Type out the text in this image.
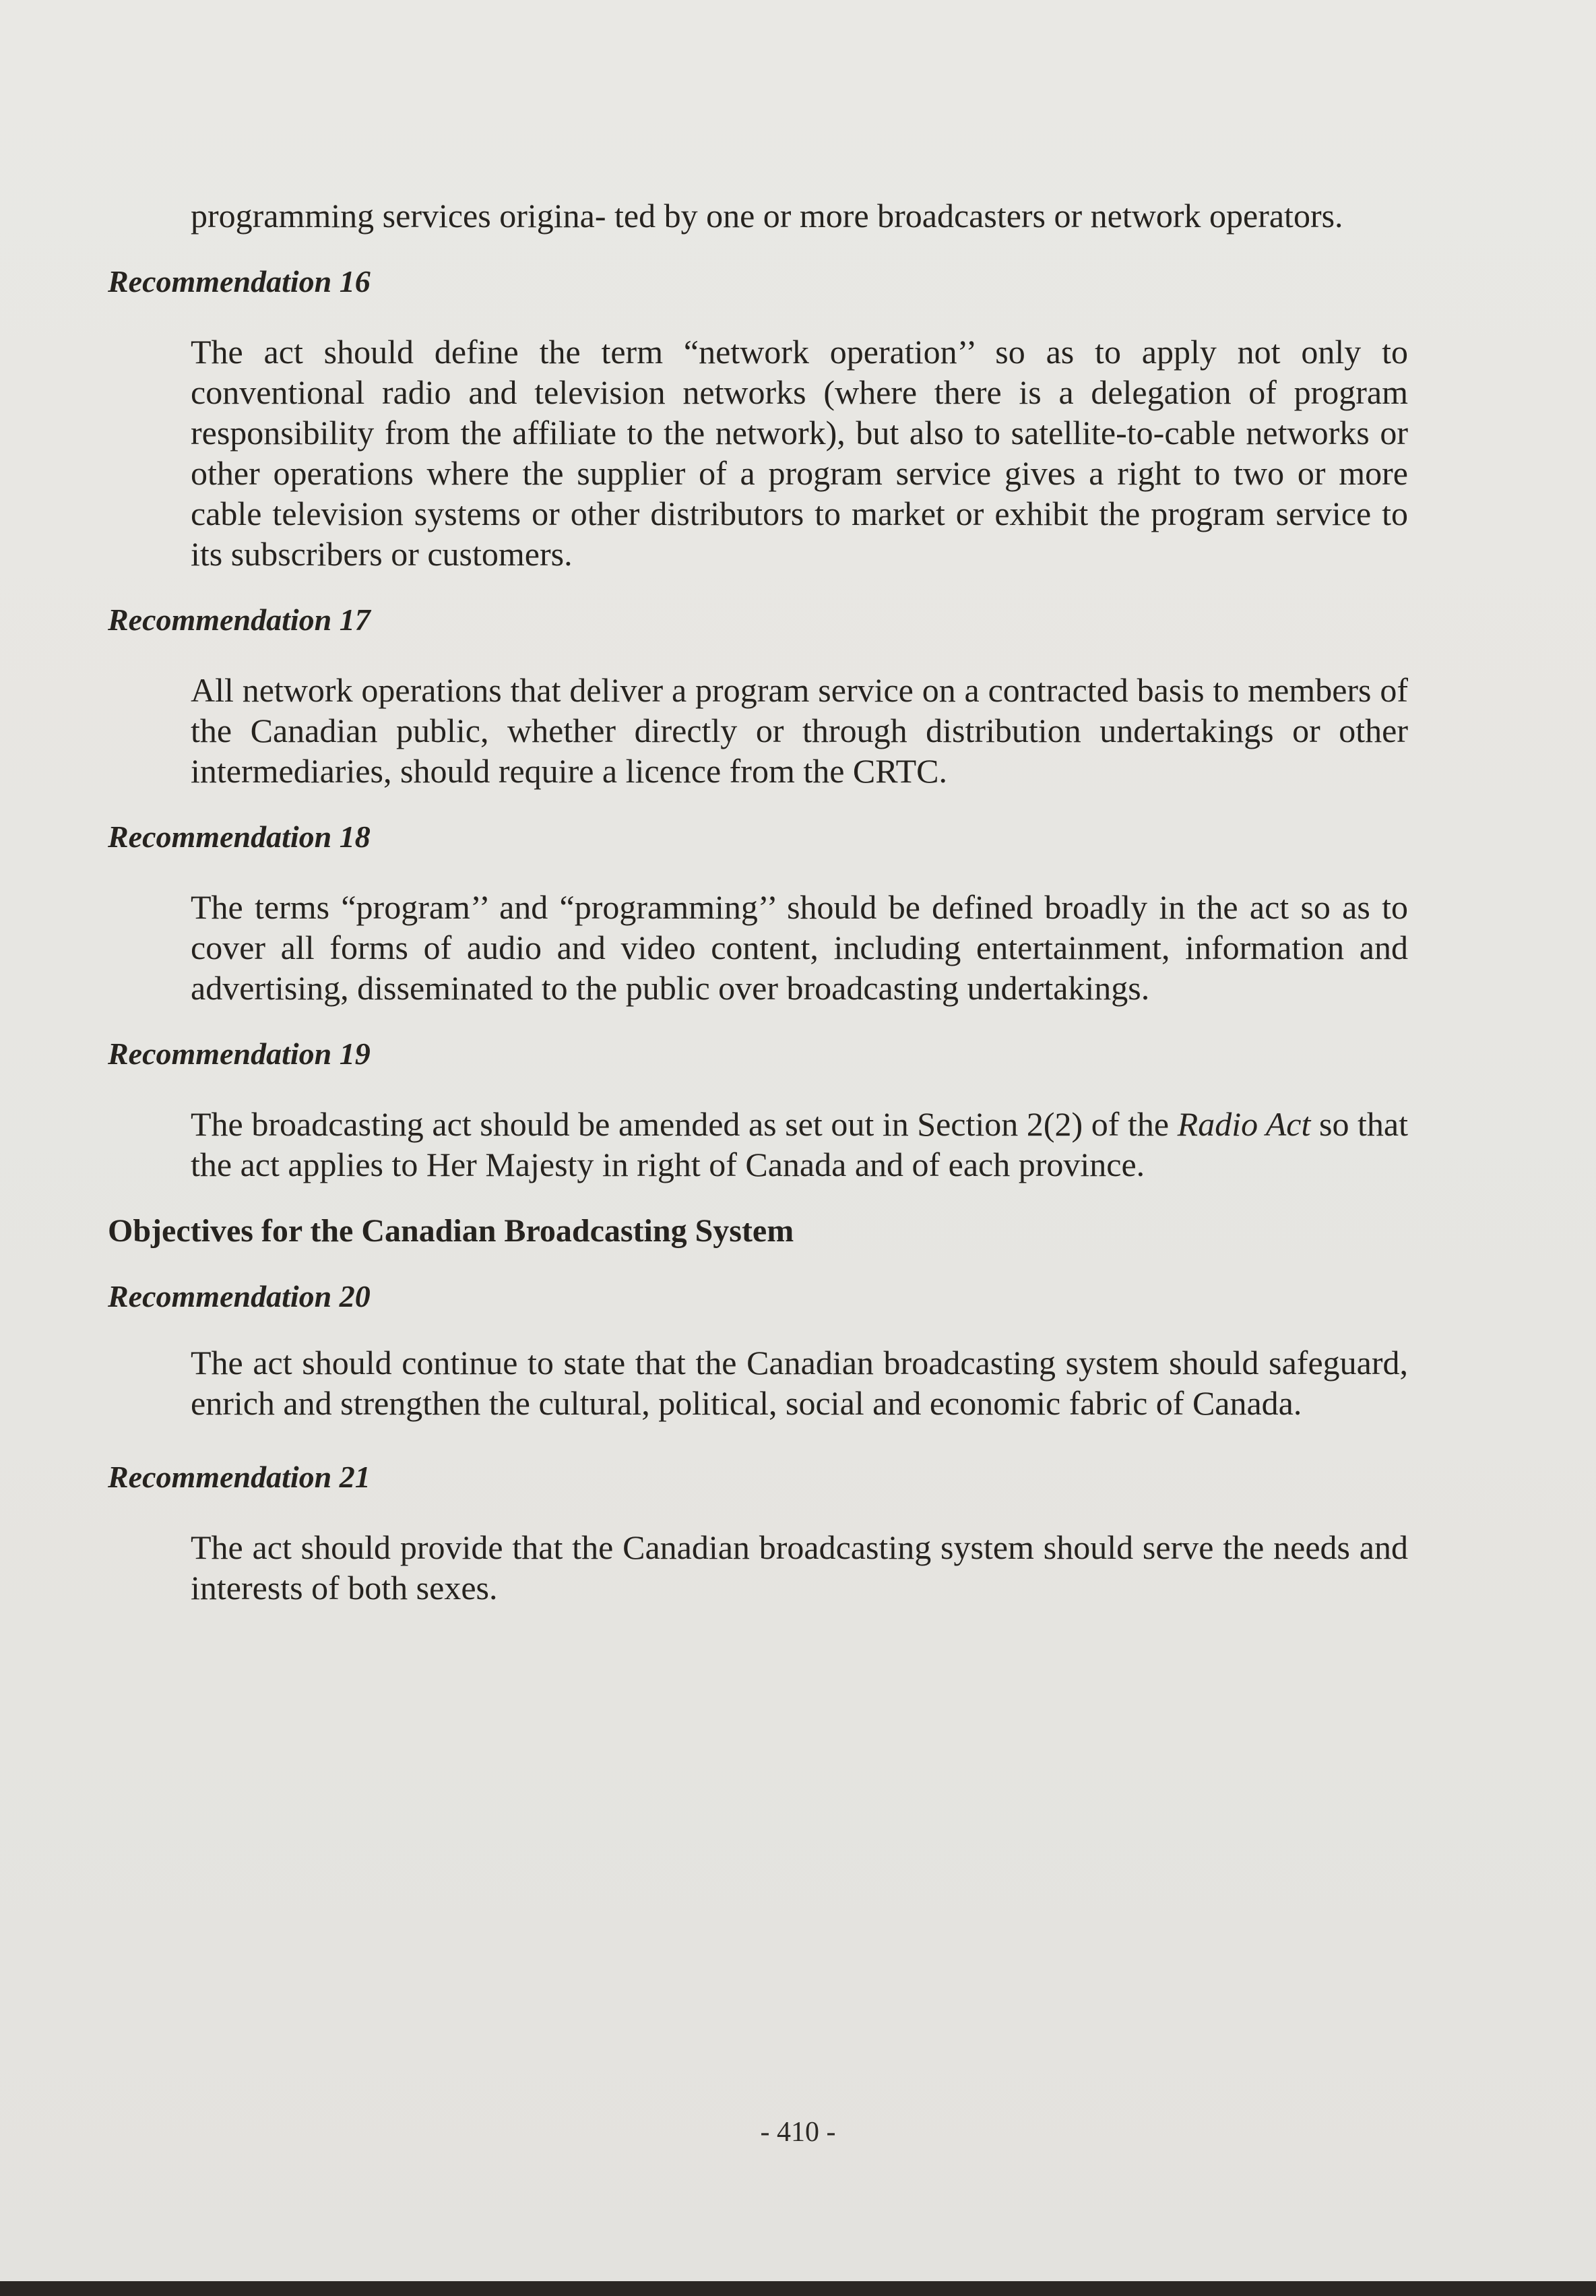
programming services origina- ted by one or more broadcasters or network operators.

Recommendation 16

The act should define the term “network operation’’ so as to apply not only to conventional radio and television networks (where there is a delegation of program responsibility from the affiliate to the network), but also to satellite-to-cable networks or other operations where the supplier of a program service gives a right to two or more cable television systems or other distributors to market or exhibit the program service to its subscribers or customers.

Recommendation 17

All network operations that deliver a program service on a contracted basis to members of the Canadian public, whether directly or through distribution undertakings or other intermediaries, should require a licence from the CRTC.

Recommendation 18

The terms “program’’ and “programming’’ should be defined broadly in the act so as to cover all forms of audio and video content, including entertainment, information and advertising, disseminated to the public over broadcasting undertakings.

Recommendation 19

The broadcasting act should be amended as set out in Section 2(2) of the Radio Act so that the act applies to Her Majesty in right of Canada and of each province.

Objectives for the Canadian Broadcasting System
Recommendation 20

The act should continue to state that the Canadian broadcasting system should safeguard, enrich and strengthen the cultural, political, social and economic fabric of Canada.

Recommendation 21

The act should provide that the Canadian broadcasting system should serve the needs and interests of both sexes.

- 410 -
